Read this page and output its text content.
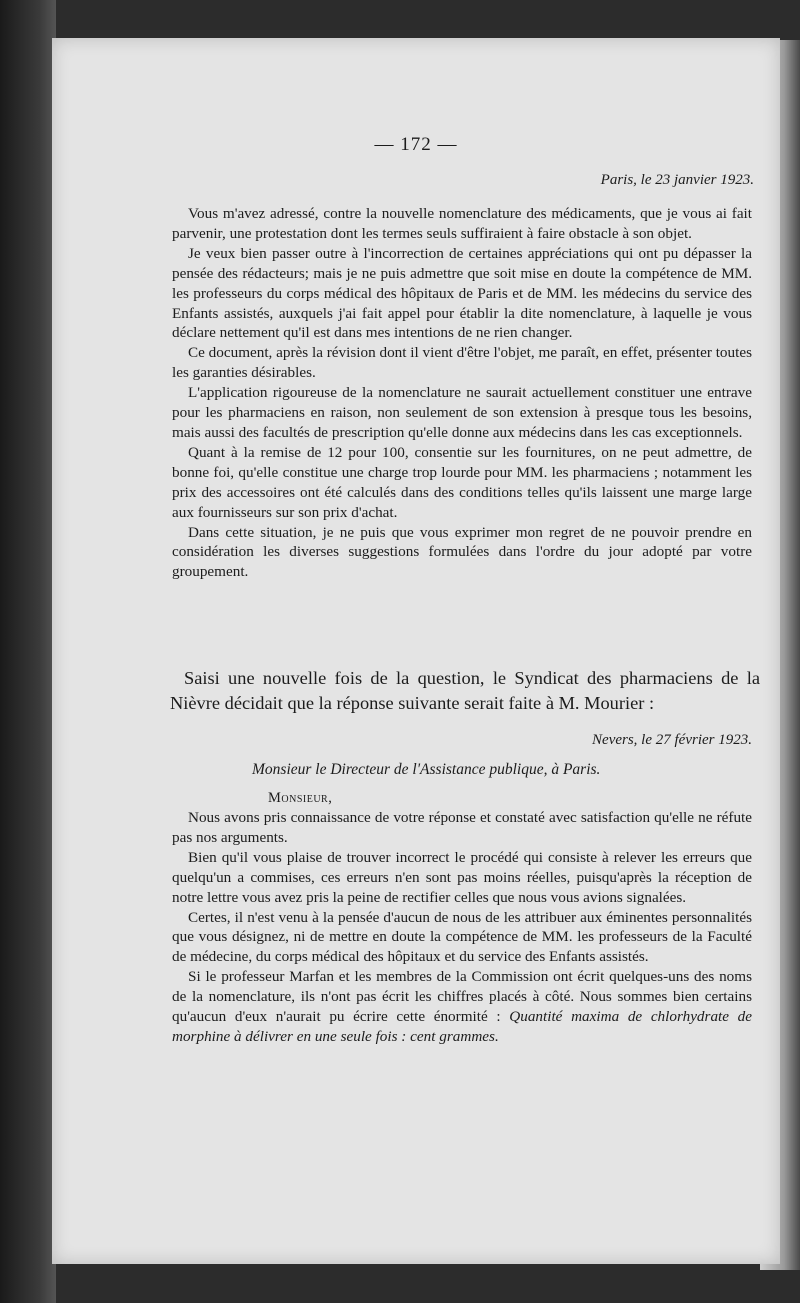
— 172 —
Paris, le 23 janvier 1923.

Vous m'avez adressé, contre la nouvelle nomenclature des médicaments, que je vous ai fait parvenir, une protestation dont les termes seuls suffiraient à faire obstacle à son objet.

Je veux bien passer outre à l'incorrection de certaines appréciations qui ont pu dépasser la pensée des rédacteurs; mais je ne puis admettre que soit mise en doute la compétence de MM. les professeurs du corps médical des hôpitaux de Paris et de MM. les médecins du service des Enfants assistés, auxquels j'ai fait appel pour établir la dite nomenclature, à laquelle je vous déclare nettement qu'il est dans mes intentions de ne rien changer.

Ce document, après la révision dont il vient d'être l'objet, me paraît, en effet, présenter toutes les garanties désirables.

L'application rigoureuse de la nomenclature ne saurait actuellement constituer une entrave pour les pharmaciens en raison, non seulement de son extension à presque tous les besoins, mais aussi des facultés de prescription qu'elle donne aux médecins dans les cas exceptionnels.

Quant à la remise de 12 pour 100, consentie sur les fournitures, on ne peut admettre, de bonne foi, qu'elle constitue une charge trop lourde pour MM. les pharmaciens ; notamment les prix des accessoires ont été calculés dans des conditions telles qu'ils laissent une marge large aux fournisseurs sur son prix d'achat.

Dans cette situation, je ne puis que vous exprimer mon regret de ne pouvoir prendre en considération les diverses suggestions formulées dans l'ordre du jour adopté par votre groupement.

Saisi une nouvelle fois de la question, le Syndicat des pharmaciens de la Nièvre décidait que la réponse suivante serait faite à M. Mourier :
Nevers, le 27 février 1923.
Monsieur le Directeur de l'Assistance publique, à Paris.
Monsieur,

Nous avons pris connaissance de votre réponse et constaté avec satisfaction qu'elle ne réfute pas nos arguments.

Bien qu'il vous plaise de trouver incorrect le procédé qui consiste à relever les erreurs que quelqu'un a commises, ces erreurs n'en sont pas moins réelles, puisqu'après la réception de notre lettre vous avez pris la peine de rectifier celles que nous vous avions signalées.

Certes, il n'est venu à la pensée d'aucun de nous de les attribuer aux éminentes personnalités que vous désignez, ni de mettre en doute la compétence de MM. les professeurs de la Faculté de médecine, du corps médical des hôpitaux et du service des Enfants assistés.

Si le professeur Marfan et les membres de la Commission ont écrit quelques-uns des noms de la nomenclature, ils n'ont pas écrit les chiffres placés à côté. Nous sommes bien certains qu'aucun d'eux n'aurait pu écrire cette énormité : Quantité maxima de chlorhydrate de morphine à délivrer en une seule fois : cent grammes.
